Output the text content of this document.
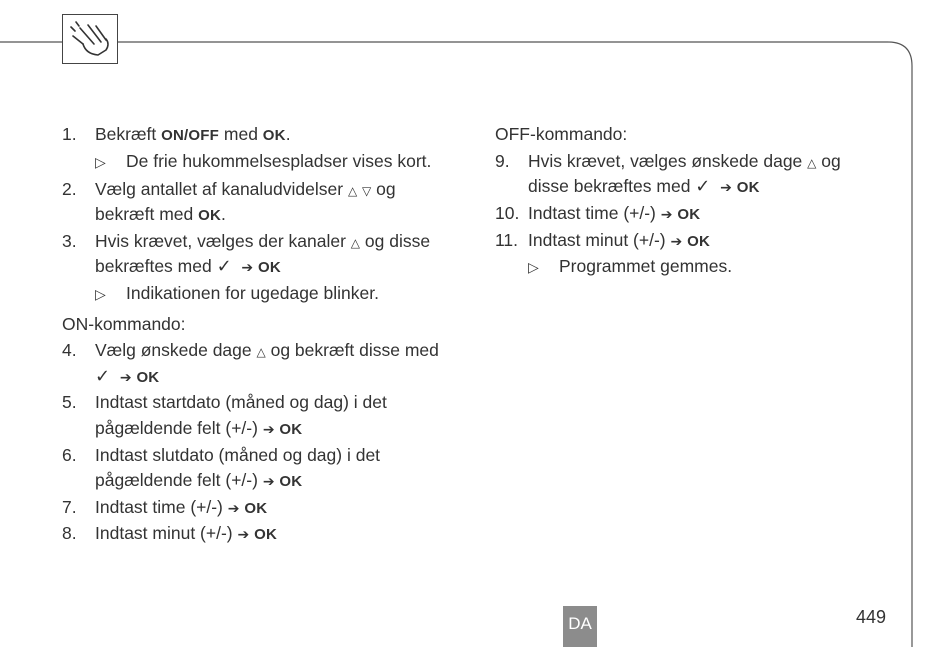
1. Bekræft ON/OFF med OK.
▷ De frie hukommelsespladser vises kort.
2. Vælg antallet af kanaludvidelser △ ▽ og
bekræft med OK.
3. Hvis krævet, vælges der kanaler △ og disse
bekræftes med ✓ ➔ OK
▷ Indikationen for ugedage blinker.
ON-kommando:
4. Vælg ønskede dage △ og bekræft disse med
✓ ➔ OK
5. Indtast startdato (måned og dag) i det
pågældende felt (+/-) ➔ OK
6. Indtast slutdato (måned og dag) i det
pågældende felt (+/-) ➔ OK
7. Indtast time (+/-) ➔ OK
8. Indtast minut (+/-) ➔ OK
OFF-kommando:
9. Hvis krævet, vælges ønskede dage △ og
disse bekræftes med ✓ ➔ OK
10. Indtast time (+/-) ➔ OK
11. Indtast minut (+/-) ➔ OK
▷ Programmet gemmes.
DA	449
